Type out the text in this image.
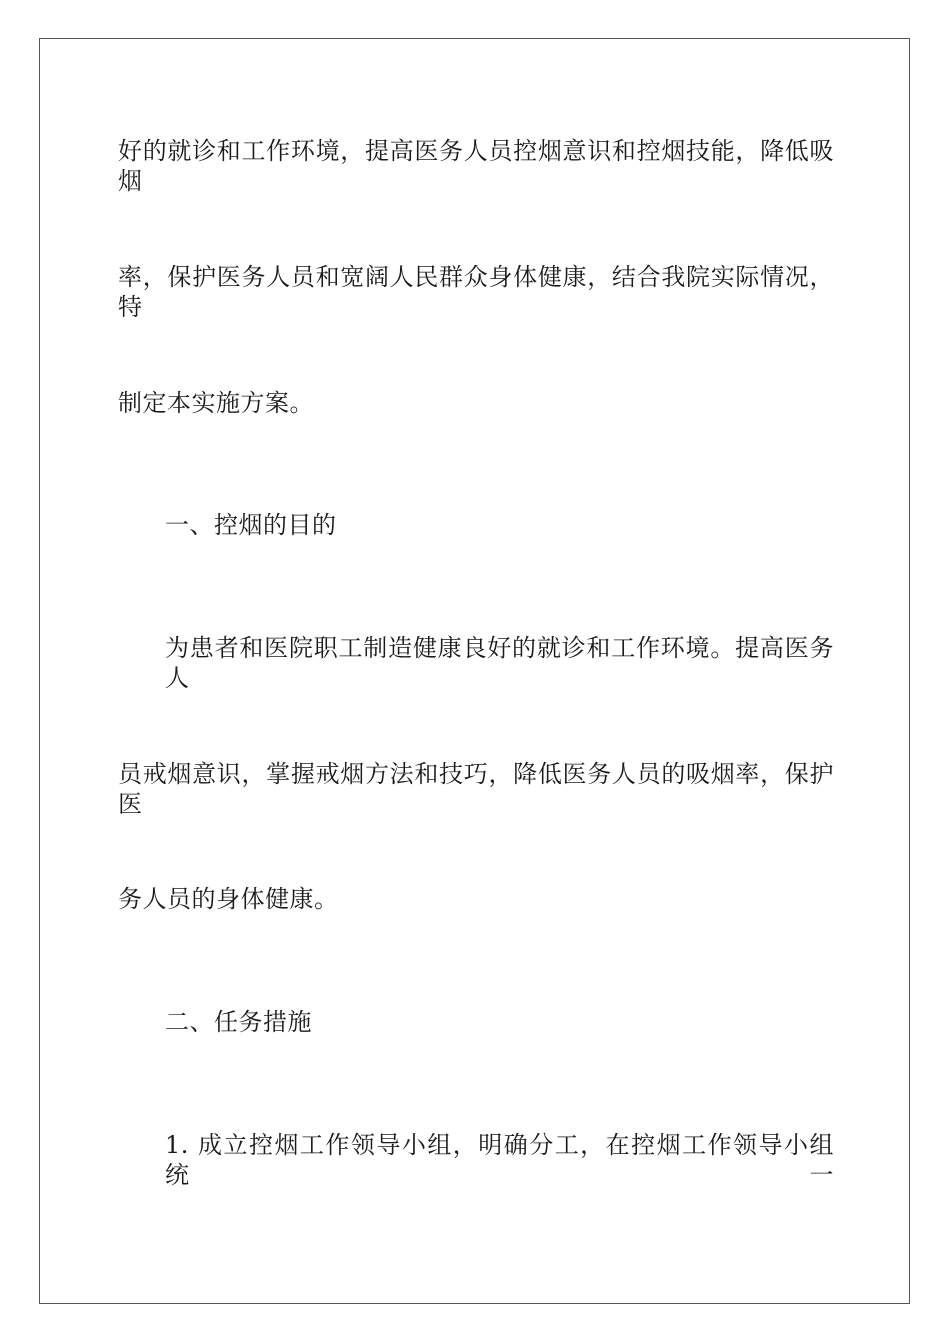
好的就诊和工作环境，提高医务人员控烟意识和控烟技能，降低吸烟
率，保护医务人员和宽阔人民群众身体健康，结合我院实际情况，特
制定本实施方案。
一、控烟的目的
为患者和医院职工制造健康良好的就诊和工作环境。提高医务人
员戒烟意识，掌握戒烟方法和技巧，降低医务人员的吸烟率，保护医
务人员的身体健康。
二、任务措施
1. 成立控烟工作领导小组，明确分工，在控烟工作领导小组统一
